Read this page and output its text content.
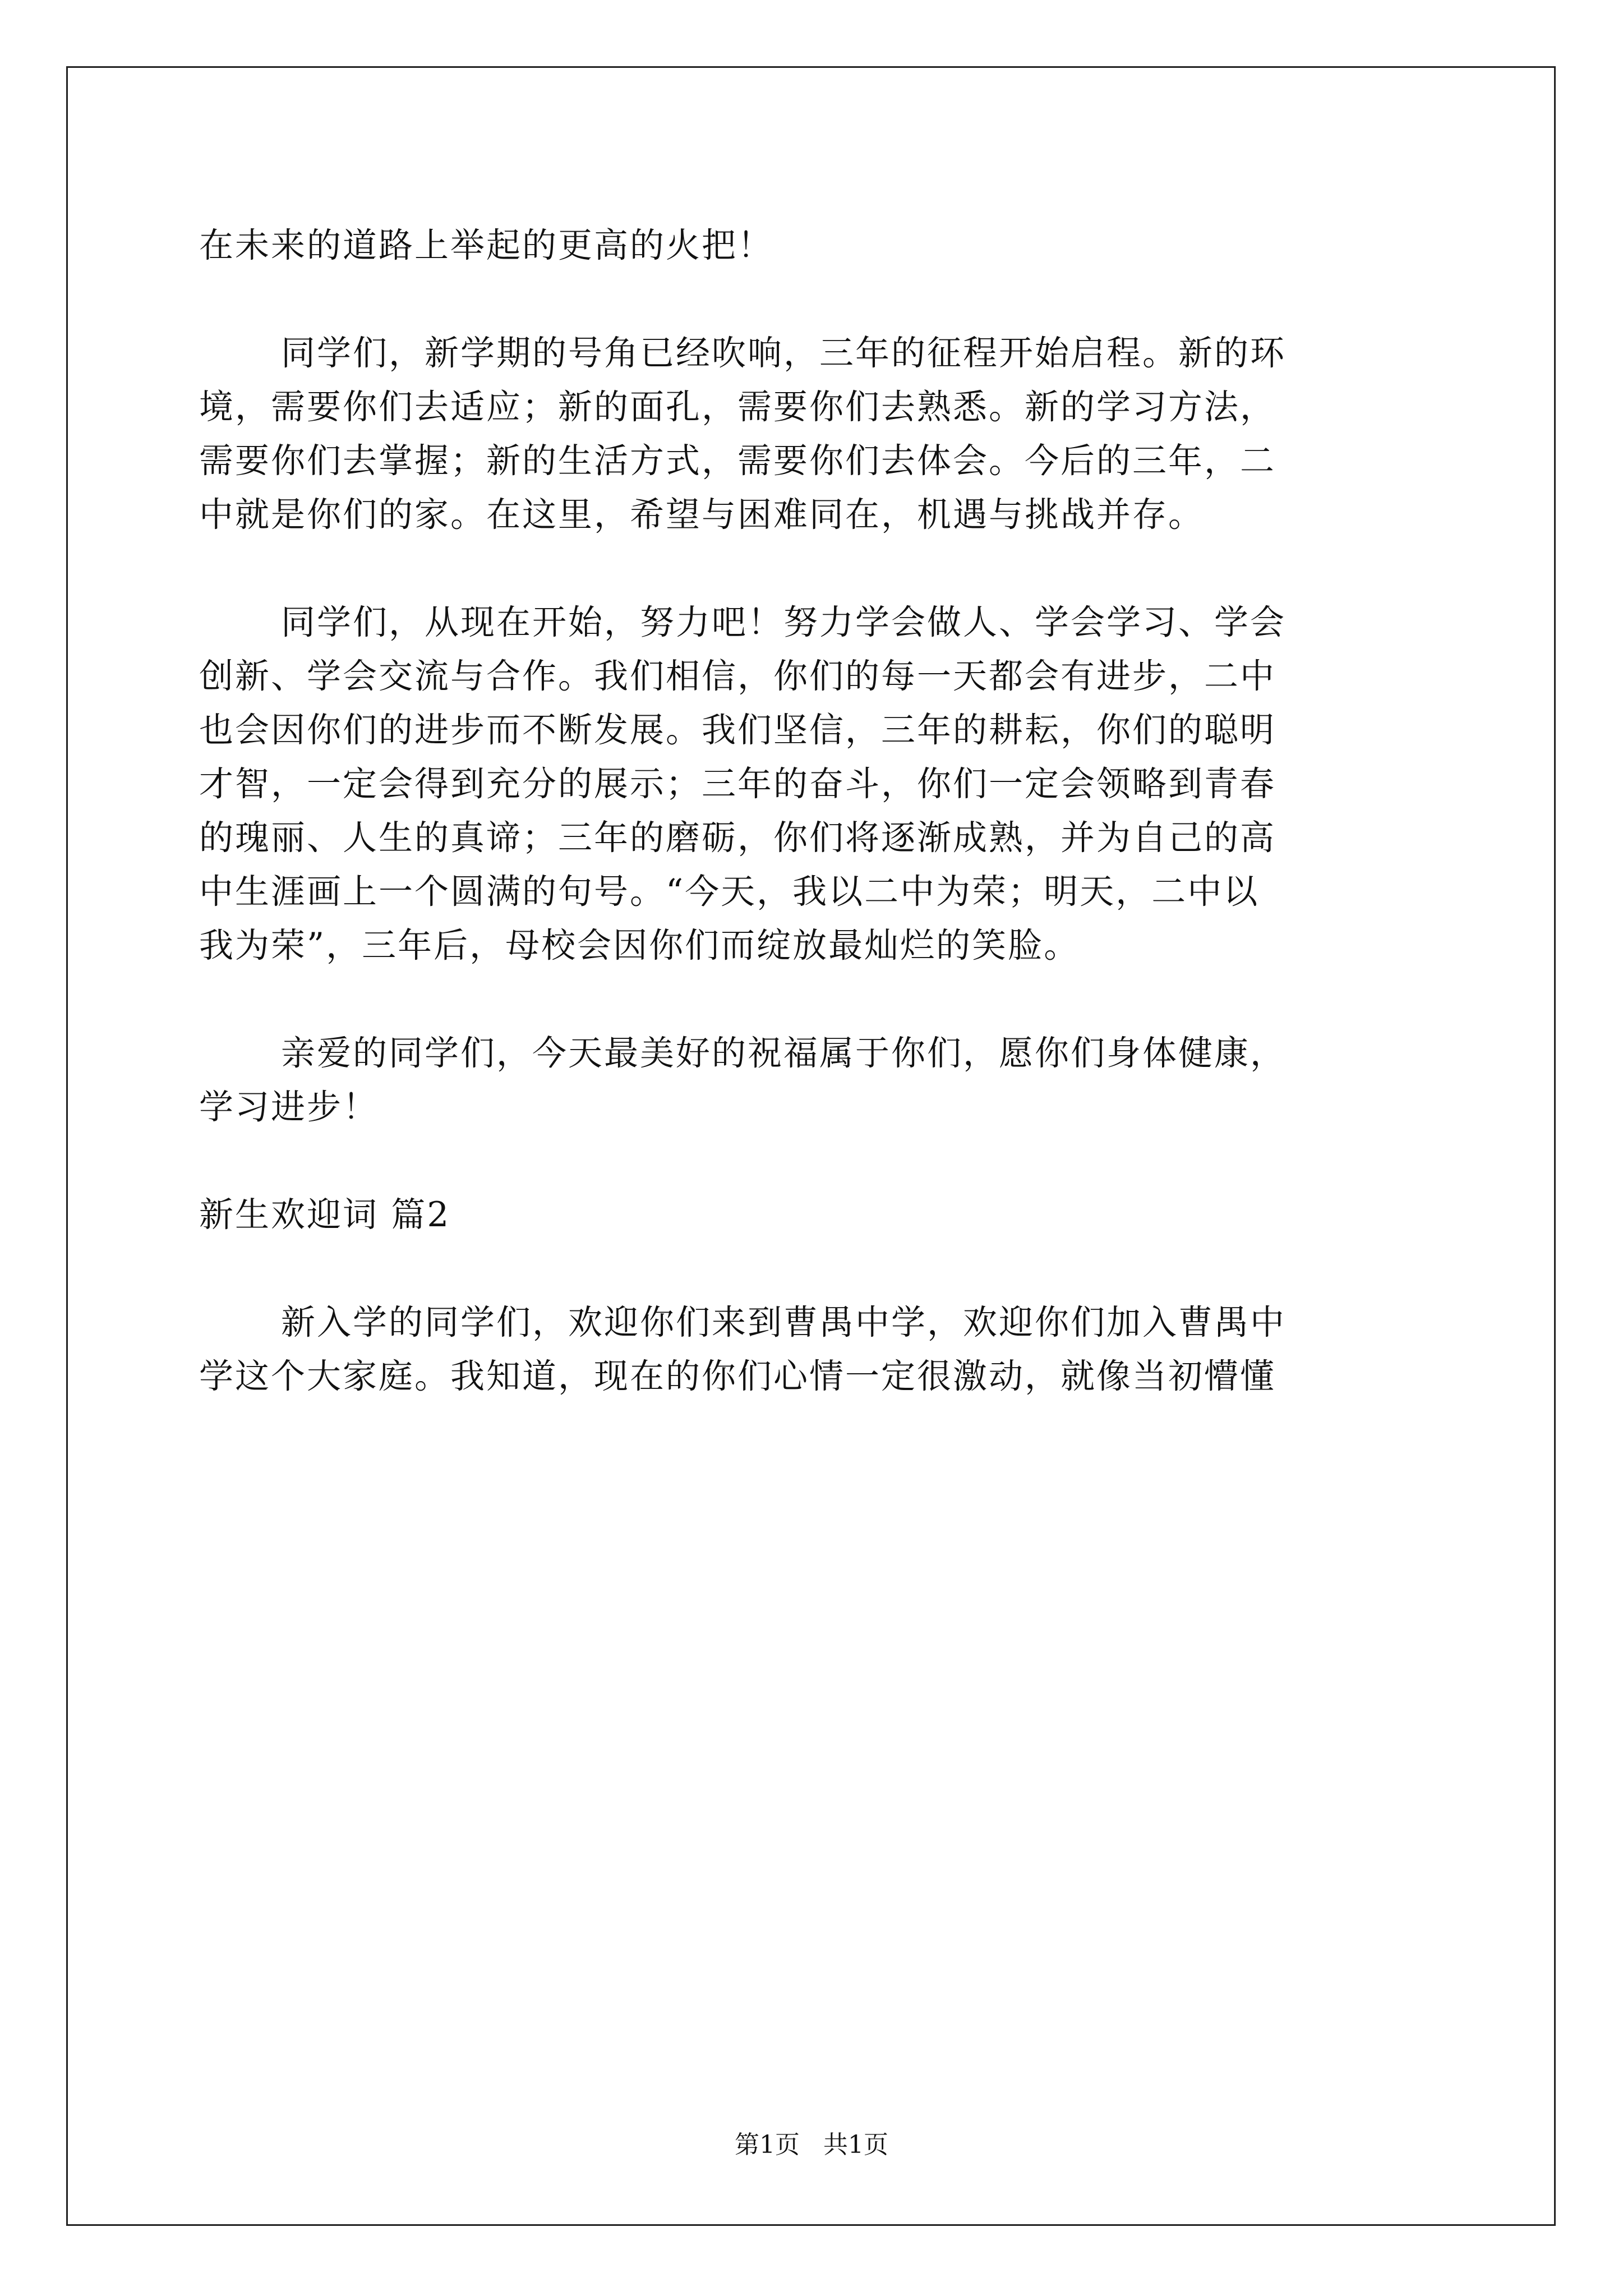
在未来的道路上举起的更高的火把！
同学们，新学期的号角已经吹响，三年的征程开始启程。新的环
境，需要你们去适应；新的面孔，需要你们去熟悉。新的学习方法，
需要你们去掌握；新的生活方式，需要你们去体会。今后的三年，二
中就是你们的家。在这里，希望与困难同在，机遇与挑战并存。
同学们，从现在开始，努力吧！努力学会做人、学会学习、学会
创新、学会交流与合作。我们相信，你们的每一天都会有进步，二中
也会因你们的进步而不断发展。我们坚信，三年的耕耘，你们的聪明
才智，一定会得到充分的展示；三年的奋斗，你们一定会领略到青春
的瑰丽、人生的真谛；三年的磨砺，你们将逐渐成熟，并为自己的高
中生涯画上一个圆满的句号。“今天，我以二中为荣；明天，二中以
我为荣”，三年后，母校会因你们而绽放最灿烂的笑脸。
亲爱的同学们，今天最美好的祝福属于你们，愿你们身体健康，
学习进步！
新生欢迎词 篇2
新入学的同学们，欢迎你们来到曹禺中学，欢迎你们加入曹禺中
学这个大家庭。我知道，现在的你们心情一定很激动，就像当初懵懂
第1页   共1页
